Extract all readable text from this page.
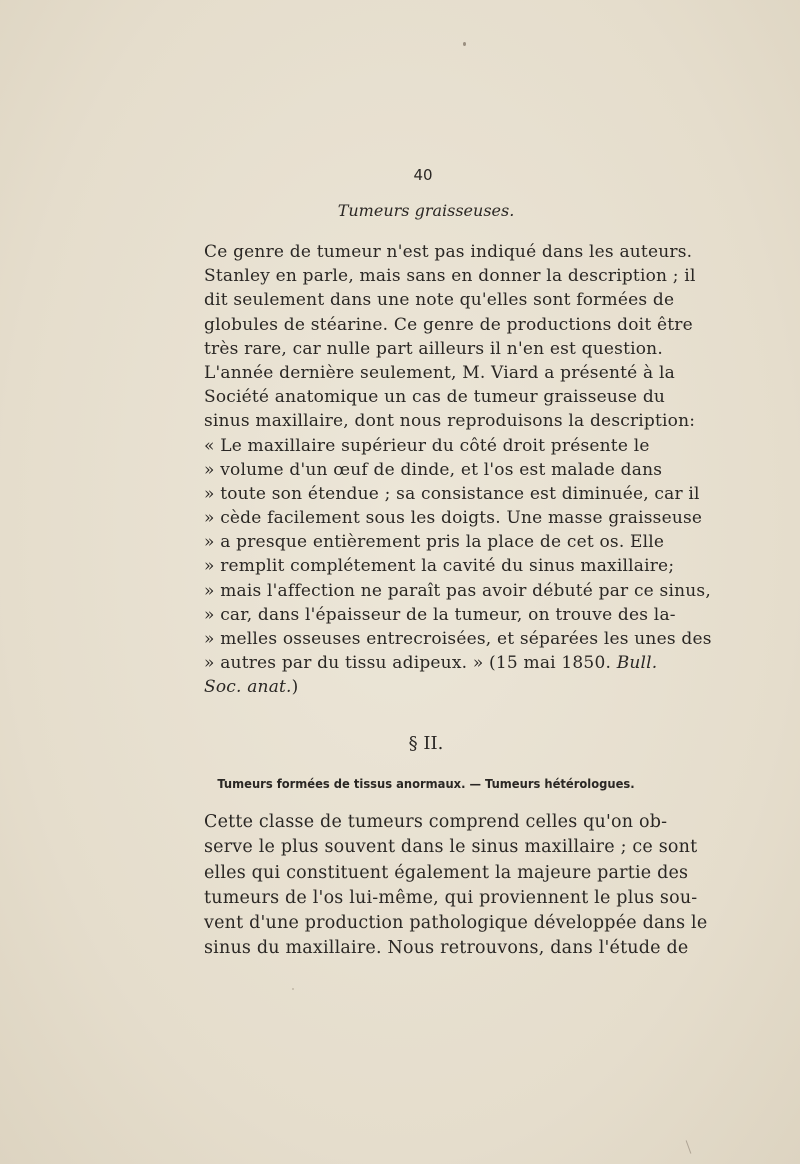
40
Tumeurs graisseuses.
Ce genre de tumeur n'est pas indiqué dans les auteurs.
Stanley en parle, mais sans en donner la description ; il
dit seulement dans une note qu'elles sont formées de
globules de stéarine. Ce genre de productions doit être
très rare, car nulle part ailleurs il n'en est question.
L'année dernière seulement, M. Viard a présenté à la
Société anatomique un cas de tumeur graisseuse du
sinus maxillaire, dont nous reproduisons la description:
« Le maxillaire supérieur du côté droit présente le
» volume d'un œuf de dinde, et l'os est malade dans
» toute son étendue ; sa consistance est diminuée, car il
» cède facilement sous les doigts. Une masse graisseuse
» a presque entièrement pris la place de cet os. Elle
» remplit complétement la cavité du sinus maxillaire;
» mais l'affection ne paraît pas avoir débuté par ce sinus,
» car, dans l'épaisseur de la tumeur, on trouve des la-
» melles osseuses entrecroisées, et séparées les unes des
» autres par du tissu adipeux. » (15 mai 1850. Bull.
Soc. anat.)
§ II.
Tumeurs formées de tissus anormaux. — Tumeurs hétérologues.
Cette classe de tumeurs comprend celles qu'on ob-
serve le plus souvent dans le sinus maxillaire ; ce sont
elles qui constituent également la majeure partie des
tumeurs de l'os lui-même, qui proviennent le plus sou-
vent d'une production pathologique développée dans le
sinus du maxillaire. Nous retrouvons, dans l'étude de
